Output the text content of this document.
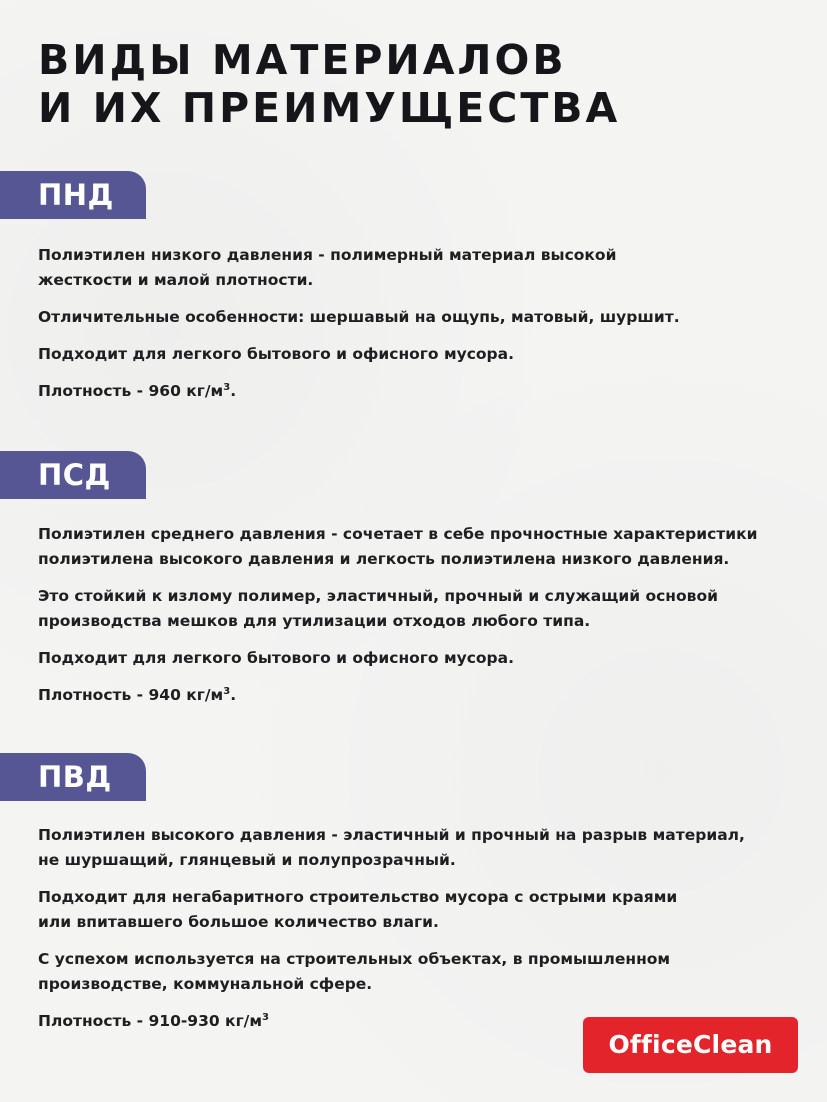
ВИДЫ МАТЕРИАЛОВ
И ИХ ПРЕИМУЩЕСТВА
ПНД

Полиэтилен низкого давления - полимерный материал высокой
жесткости и малой плотности.

Отличительные особенности: шершавый на ощупь, матовый, шуршит.

Подходит для легкого бытового и офисного мусора.

Плотность - 960 $кг/м^3$.

ПСД

Полиэтилен среднего давления - сочетает в себе прочностные характеристики
полиэтилена высокого давления и легкость полиэтилена низкого давления.

Это стойкий к излому полимер, эластичный, прочный и служащий основой
производства мешков для утилизации отходов любого типа.

Подходит для легкого бытового и офисного мусора.

Плотность - 940 $кг/м^3$.

ПВД

Полиэтилен высокого давления - эластичный и прочный на разрыв материал,
не шуршащий, глянцевый и полупрозрачный.

Подходит для негабаритного строительство мусора с острыми краями
или впитавшего большое количество влаги.

С успехом используется на строительных объектах, в промышленном
производстве, коммунальной сфере.

Плотность - 910-930 $кг/м^3$

OfficeClean
